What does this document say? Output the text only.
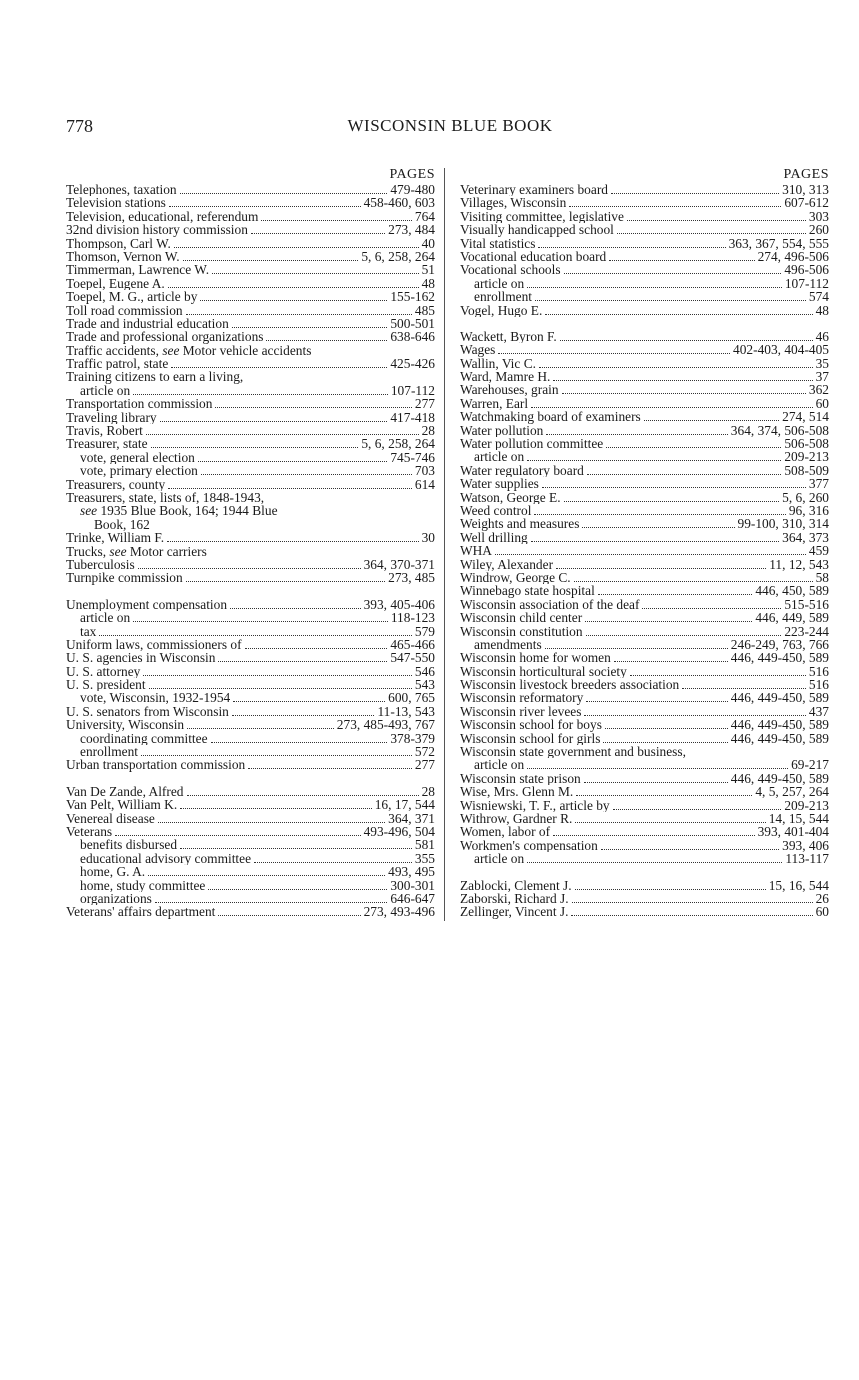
778	WISCONSIN BLUE BOOK
PAGES
Telephones, taxation	479-480
Television stations	458-460, 603
Television, educational, referendum	764
32nd division history commission	273, 484
Thompson, Carl W.	40
Thomson, Vernon W.	5, 6, 258, 264
Timmerman, Lawrence W.	51
Toepel, Eugene A.	48
Toepel, M. G., article by	155-162
Toll road commission	485
Trade and industrial education	500-501
Trade and professional organizations	638-646
Traffic accidents, see Motor vehicle accidents
Traffic patrol, state	425-426
Training citizens to earn a living,
article on	107-112
Transportation commission	277
Traveling library	417-418
Travis, Robert	28
Treasurer, state	5, 6, 258, 264
vote, general election	745-746
vote, primary election	703
Treasurers, county	614
Treasurers, state, lists of, 1848-1943,
see 1935 Blue Book, 164; 1944 Blue
Book, 162
Trinke, William F.	30
Trucks, see Motor carriers
Tuberculosis	364, 370-371
Turnpike commission	273, 485
Unemployment compensation	393, 405-406
article on	118-123
tax	579
Uniform laws, commissioners of	465-466
U. S. agencies in Wisconsin	547-550
U. S. attorney	546
U. S. president	543
vote, Wisconsin, 1932-1954	600, 765
U. S. senators from Wisconsin	11-13, 543
University, Wisconsin	273, 485-493, 767
coordinating committee	378-379
enrollment	572
Urban transportation commission	277
Van De Zande, Alfred	28
Van Pelt, William K.	16, 17, 544
Venereal disease	364, 371
Veterans	493-496, 504
benefits disbursed	581
educational advisory committee	355
home, G. A.	493, 495
home, study committee	300-301
organizations	646-647
Veterans' affairs department	273, 493-496
PAGES
Veterinary examiners board	310, 313
Villages, Wisconsin	607-612
Visiting committee, legislative	303
Visually handicapped school	260
Vital statistics	363, 367, 554, 555
Vocational education board	274, 496-506
Vocational schools	496-506
article on	107-112
enrollment	574
Vogel, Hugo E.	48
Wackett, Byron F.	46
Wages	402-403, 404-405
Wallin, Vic C.	35
Ward, Mamre H.	37
Warehouses, grain	362
Warren, Earl	60
Watchmaking board of examiners	274, 514
Water pollution	364, 374, 506-508
Water pollution committee	506-508
article on	209-213
Water regulatory board	508-509
Water supplies	377
Watson, George E.	5, 6, 260
Weed control	96, 316
Weights and measures	99-100, 310, 314
Well drilling	364, 373
WHA	459
Wiley, Alexander	11, 12, 543
Windrow, George C.	58
Winnebago state hospital	446, 450, 589
Wisconsin association of the deaf	515-516
Wisconsin child center	446, 449, 589
Wisconsin constitution	223-244
amendments	246-249, 763, 766
Wisconsin home for women	446, 449-450, 589
Wisconsin horticultural society	516
Wisconsin livestock breeders association	516
Wisconsin reformatory	446, 449-450, 589
Wisconsin river levees	437
Wisconsin school for boys	446, 449-450, 589
Wisconsin school for girls	446, 449-450, 589
Wisconsin state government and business,
article on	69-217
Wisconsin state prison	446, 449-450, 589
Wise, Mrs. Glenn M.	4, 5, 257, 264
Wisniewski, T. F., article by	209-213
Withrow, Gardner R.	14, 15, 544
Women, labor of	393, 401-404
Workmen's compensation	393, 406
article on	113-117
Zablocki, Clement J.	15, 16, 544
Zaborski, Richard J.	26
Zellinger, Vincent J.	60
